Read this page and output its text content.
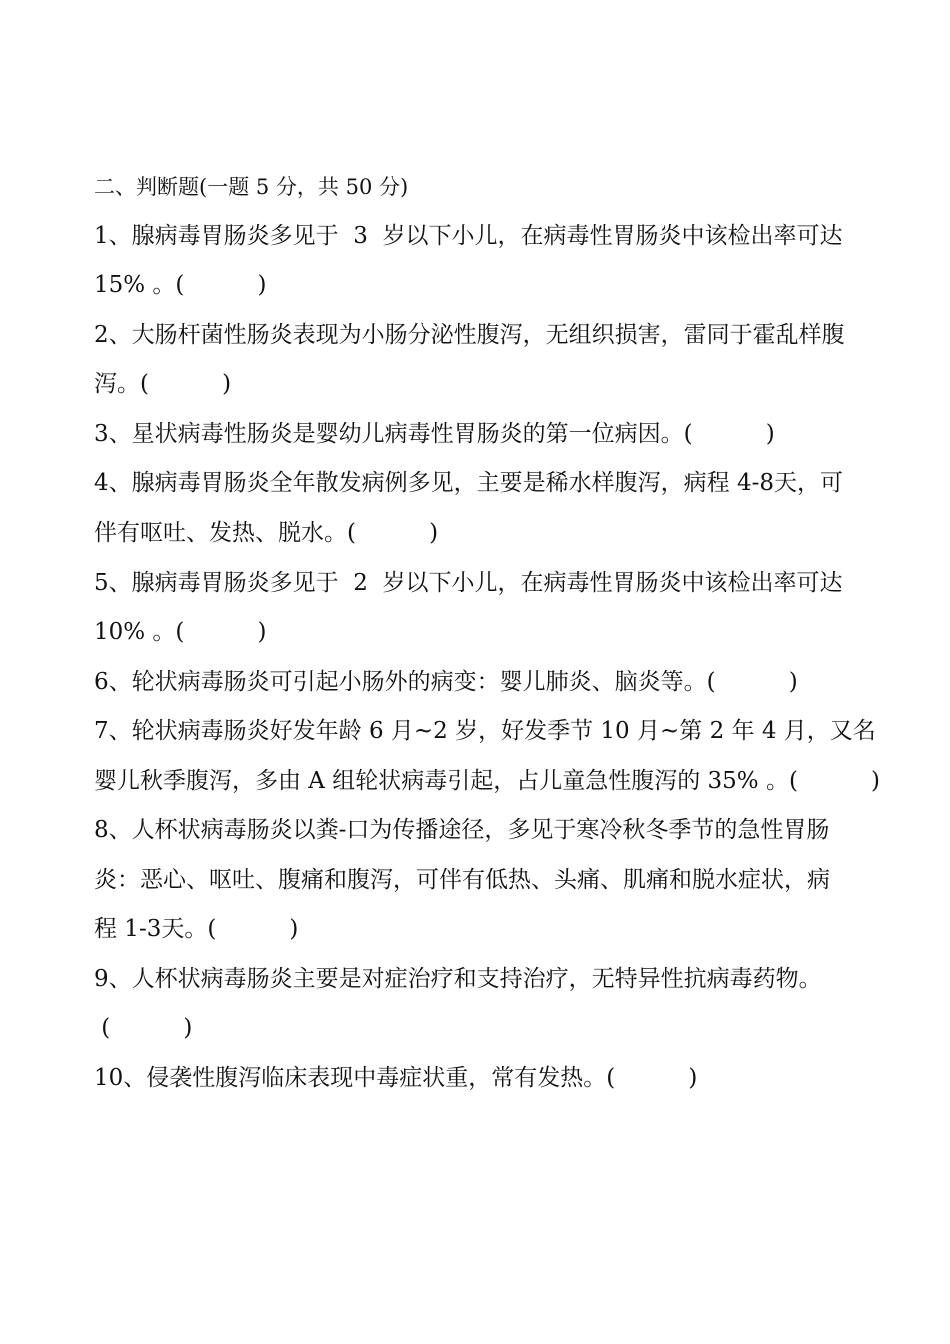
二、判断题(一题 5 分，共 50 分)
1、腺病毒胃肠炎多见于  3  岁以下小儿，在病毒性胃肠炎中该检出率可达
15% 。(          )
2、大肠杆菌性肠炎表现为小肠分泌性腹泻，无组织损害，雷同于霍乱样腹
泻。(          )
3、星状病毒性肠炎是婴幼儿病毒性胃肠炎的第一位病因。(          )
4、腺病毒胃肠炎全年散发病例多见，主要是稀水样腹泻，病程 4-8天，可
伴有呕吐、发热、脱水。(          )
5、腺病毒胃肠炎多见于  2  岁以下小儿，在病毒性胃肠炎中该检出率可达
10% 。(          )
6、轮状病毒肠炎可引起小肠外的病变：婴儿肺炎、脑炎等。(          )
7、轮状病毒肠炎好发年龄 6 月~2 岁，好发季节 10 月~第 2 年 4 月，又名
婴儿秋季腹泻，多由 A 组轮状病毒引起，占儿童急性腹泻的 35% 。(          )
8、人杯状病毒肠炎以粪-口为传播途径，多见于寒冷秋冬季节的急性胃肠
炎：恶心、呕吐、腹痛和腹泻，可伴有低热、头痛、肌痛和脱水症状，病
程 1-3天。(          )
9、人杯状病毒肠炎主要是对症治疗和支持治疗，无特异性抗病毒药物。
(          )
10、侵袭性腹泻临床表现中毒症状重，常有发热。(          )
